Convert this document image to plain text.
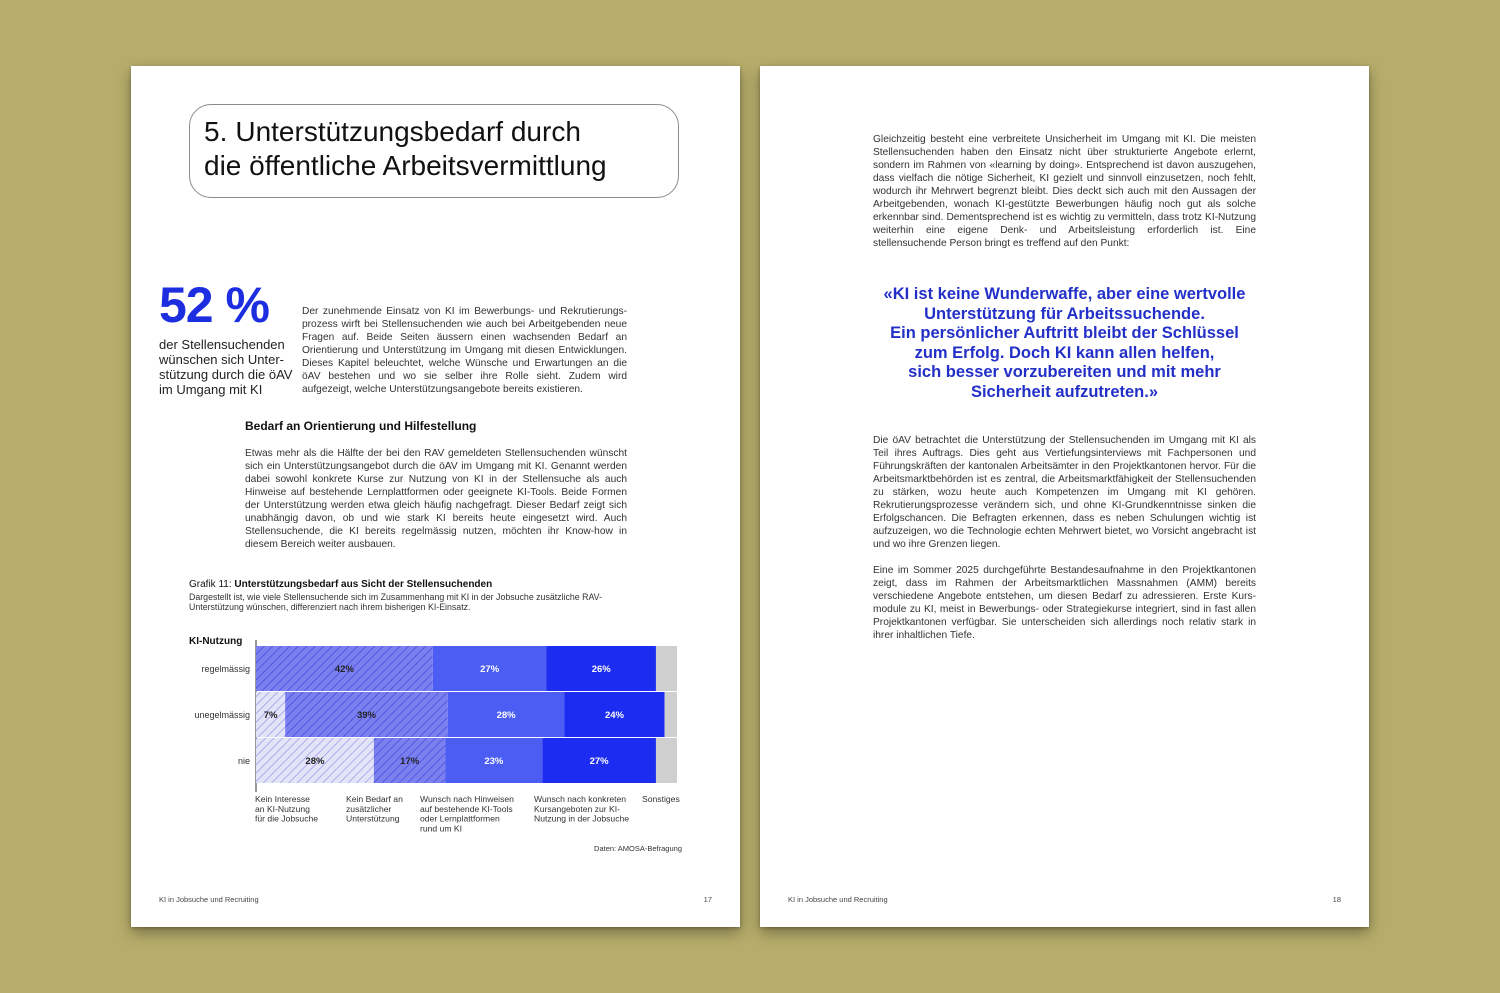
5. Unterstützungsbedarf durch
die öffentliche Arbeitsvermittlung
52 %
der Stellensuchenden wünschen sich Unterstützung durch die öAV im Umgang mit KI
Der zunehmende Einsatz von KI im Bewerbungs- und Rekrutierungsprozess wirft bei Stellensuchenden wie auch bei Arbeitgebenden neue Fragen auf. Beide Seiten äussern einen wachsenden Bedarf an Orientierung und Unterstützung im Umgang mit diesen Entwicklungen. Dieses Kapitel beleuchtet, welche Wünsche und Erwartungen an die öAV bestehen und wo sie selber ihre Rolle sieht. Zudem wird aufgezeigt, welche Unterstützungsangebote bereits existieren.
Bedarf an Orientierung und Hilfestellung
Etwas mehr als die Hälfte der bei den RAV gemeldeten Stellensuchenden wünscht sich ein Unterstützungsangebot durch die öAV im Umgang mit KI. Genannt werden dabei sowohl konkrete Kurse zur Nutzung von KI in der Stellensuche als auch Hinweise auf bestehende Lernplattformen oder geeignete KI-Tools. Beide Formen der Unterstützung werden etwa gleich häufig nachgefragt. Dieser Bedarf zeigt sich unabhängig davon, ob und wie stark KI bereits heute eingesetzt wird. Auch Stellensuchende, die KI bereits regelmässig nutzen, möchten ihr Know-how in diesem Bereich weiter ausbauen.
Grafik 11: Unterstützungsbedarf aus Sicht der Stellensuchenden
Dargestellt ist, wie viele Stellensuchende sich im Zusammenhang mit KI in der Jobsuche zusätzliche RAV-Unterstützung wünschen, differenziert nach ihrem bisherigen KI-Einsatz.
KI-Nutzung
42%	27%	26%
regelmässig
7%	39%	28%	24%
unegelmässig
28%	17%	23%	27%
nie
Kein Interesse
an KI-Nutzung
für die Jobsuche
Kein Bedarf an
zusätzlicher
Unterstützung
Wunsch nach Hinweisen
auf bestehende KI-Tools
oder Lernplattformen
rund um KI
Wunsch nach konkreten
Kursangeboten zur KI-
Nutzung in der Jobsuche
Sonstiges
Daten: AMOSA-Befragung
KI in Jobsuche und Recruiting	17
Gleichzeitig besteht eine verbreitete Unsicherheit im Umgang mit KI. Die meisten Stellensuchenden haben den Einsatz nicht über strukturierte Angebote erlernt, sondern im Rahmen von «learning by doing». Entsprechend ist davon auszugehen, dass vielfach die nötige Sicherheit, KI gezielt und sinnvoll einzusetzen, noch fehlt, wodurch ihr Mehrwert begrenzt bleibt. Dies deckt sich auch mit den Aussagen der Arbeitgebenden, wonach KI-gestützte Bewerbungen häufig noch gut als solche erkennbar sind. Dementsprechend ist es wichtig zu vermitteln, dass trotz KI-Nutzung weiterhin eine eigene Denk- und Arbeitsleistung erforderlich ist. Eine stellensuchende Person bringt es treffend auf den Punkt:
«KI ist keine Wunderwaffe, aber eine wertvolle
Unterstützung für Arbeitssuchende.
Ein persönlicher Auftritt bleibt der Schlüssel
zum Erfolg. Doch KI kann allen helfen,
sich besser vorzubereiten und mit mehr
Sicherheit aufzutreten.»
Die öAV betrachtet die Unterstützung der Stellensuchenden im Umgang mit KI als Teil ihres Auftrags. Dies geht aus Vertiefungsinterviews mit Fachpersonen und Führungskräften der kantonalen Arbeitsämter in den Projektkantonen hervor. Für die Arbeitsmarktbehörden ist es zentral, die Arbeitsmarktfähigkeit der Stellensuchenden zu stärken, wozu heute auch Kompetenzen im Umgang mit KI gehören. Rekrutierungsprozesse verändern sich, und ohne KI-Grundkenntnisse sinken die Erfolgschancen. Die Befragten erkennen, dass es neben Schulungen wichtig ist aufzuzeigen, wo die Technologie echten Mehrwert bietet, wo Vorsicht angebracht ist und wo ihre Grenzen liegen.
Eine im Sommer 2025 durchgeführte Bestandesaufnahme in den Projektkantonen zeigt, dass im Rahmen der Arbeitsmarktlichen Massnahmen (AMM) bereits verschiedene Angebote entstehen, um diesen Bedarf zu adressieren. Erste Kursmodule zu KI, meist in Bewerbungs- oder Strategiekurse integriert, sind in fast allen Projektkantonen verfügbar. Sie unterscheiden sich allerdings noch relativ stark in ihrer inhaltlichen Tiefe.
KI in Jobsuche und Recruiting	18
